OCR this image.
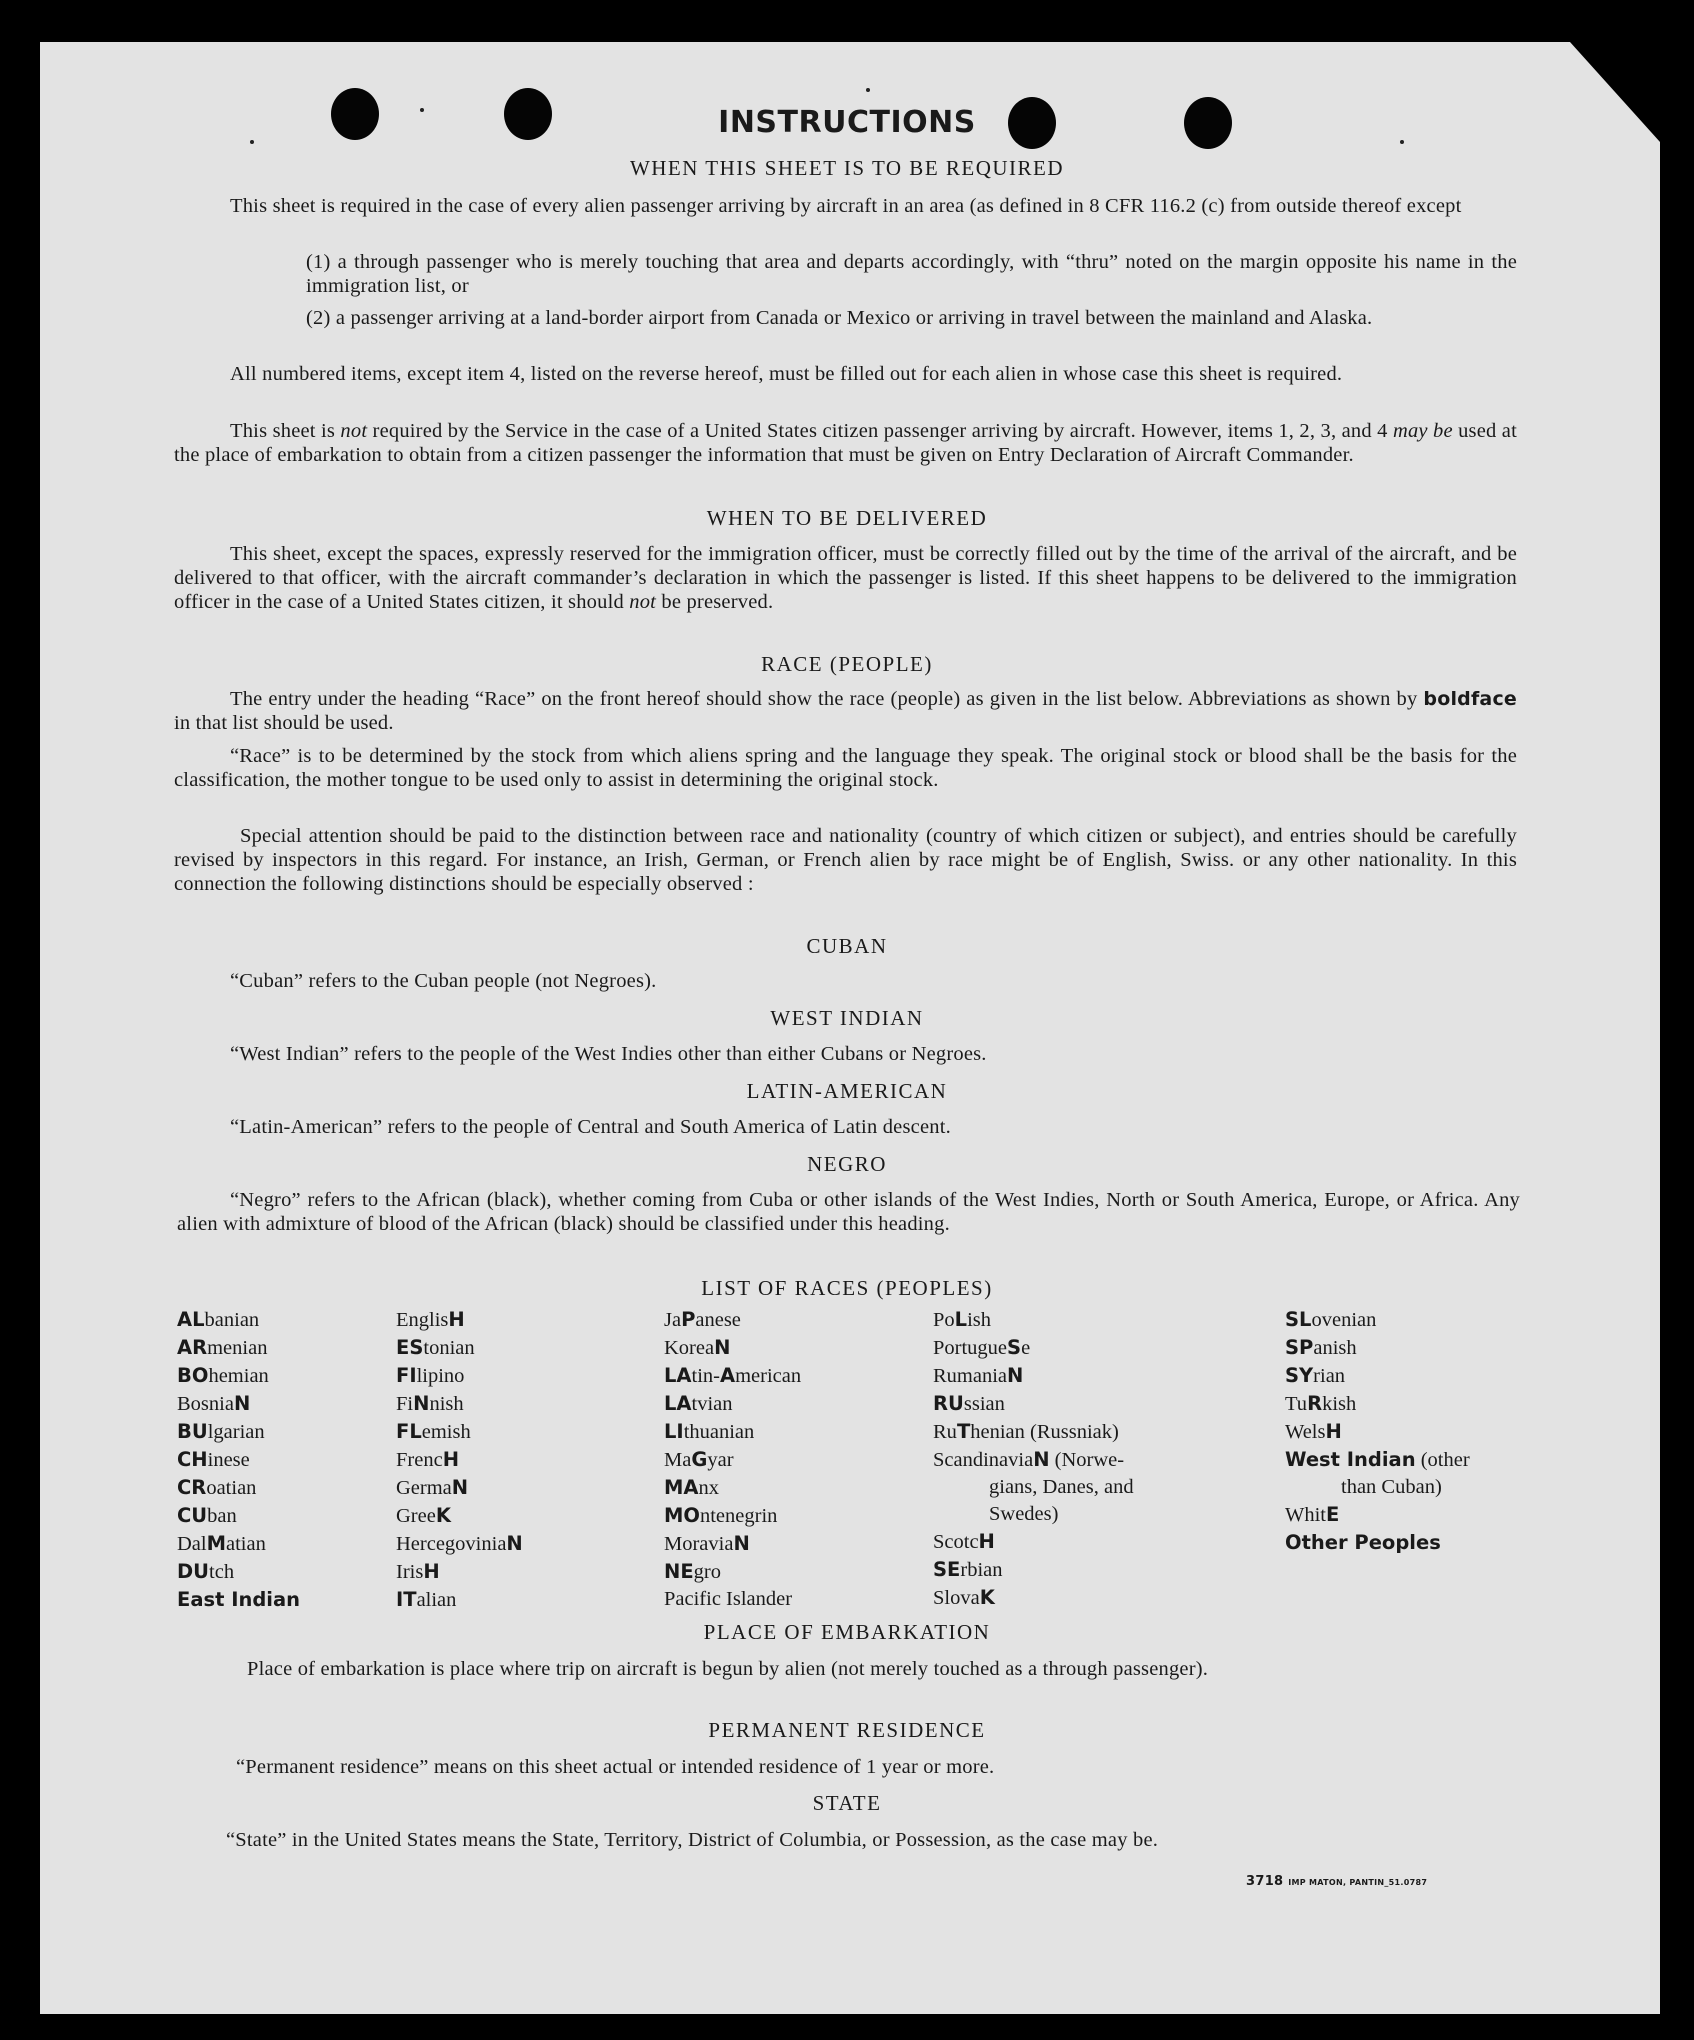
INSTRUCTIONS
WHEN THIS SHEET IS TO BE REQUIRED
This sheet is required in the case of every alien passenger arriving by aircraft in an area (as defined in 8 CFR 116.2 (c) from outside thereof except
(1) a through passenger who is merely touching that area and departs accordingly, with “thru” noted on the margin opposite his name in the immigration list, or
(2) a passenger arriving at a land-border airport from Canada or Mexico or arriving in travel between the mainland and Alaska.
All numbered items, except item 4, listed on the reverse hereof, must be filled out for each alien in whose case this sheet is required.
This sheet is not required by the Service in the case of a United States citizen passenger arriving by aircraft. However, items 1, 2, 3, and 4 may be used at the place of embarkation to obtain from a citizen passenger the information that must be given on Entry Declaration of Aircraft Commander.
WHEN TO BE DELIVERED
This sheet, except the spaces, expressly reserved for the immigration officer, must be correctly filled out by the time of the arrival of the aircraft, and be delivered to that officer, with the aircraft commander’s declaration in which the passenger is listed. If this sheet happens to be delivered to the immigration officer in the case of a United States citizen, it should not be preserved.
RACE (PEOPLE)
The entry under the heading “Race” on the front hereof should show the race (people) as given in the list below. Abbreviations as shown by boldface in that list should be used.
“Race” is to be determined by the stock from which aliens spring and the language they speak. The original stock or blood shall be the basis for the classification, the mother tongue to be used only to assist in determining the original stock.
Special attention should be paid to the distinction between race and nationality (country of which citizen or subject), and entries should be carefully revised by inspectors in this regard. For instance, an Irish, German, or French alien by race might be of English, Swiss. or any other nationality. In this connection the following distinctions should be especially observed :
CUBAN
“Cuban” refers to the Cuban people (not Negroes).
WEST INDIAN
“West Indian” refers to the people of the West Indies other than either Cubans or Negroes.
LATIN-AMERICAN
“Latin-American” refers to the people of Central and South America of Latin descent.
NEGRO
“Negro” refers to the African (black), whether coming from Cuba or other islands of the West Indies, North or South America, Europe, or Africa. Any alien with admixture of blood of the African (black) should be classified under this heading.
LIST OF RACES (PEOPLES)
ALbanian
ARmenian
BOhemian
BosniaN
BUlgarian
CHinese
CRoatian
CUban
DalMatian
DUtch
East Indian
EnglisH
EStonian
FIlipino
FiNnish
FLemish
FrencH
GermaN
GreeK
HercegoviniaN
IrisH
ITalian
JaPanese
KoreaN
LAtin-American
LAtvian
LIthuanian
MaGyar
MAnx
MOntenegrin
MoraviaN
NEgro
Pacific Islander
PoLish
PortugueSe
RumaniaN
RUssian
RuThenian (Russniak)
ScandinaviaN (Norwe-
gians, Danes, and
Swedes)
ScotcH
SErbian
SlovaK
SLovenian
SPanish
SYrian
TuRkish
WelsH
West Indian (other
than Cuban)
WhitE
Other Peoples
PLACE OF EMBARKATION
Place of embarkation is place where trip on aircraft is begun by alien (not merely touched as a through passenger).
PERMANENT RESIDENCE
“Permanent residence” means on this sheet actual or intended residence of 1 year or more.
STATE
“State” in the United States means the State, Territory, District of Columbia, or Possession, as the case may be.
3718 IMP MATON, PANTIN_51.0787
